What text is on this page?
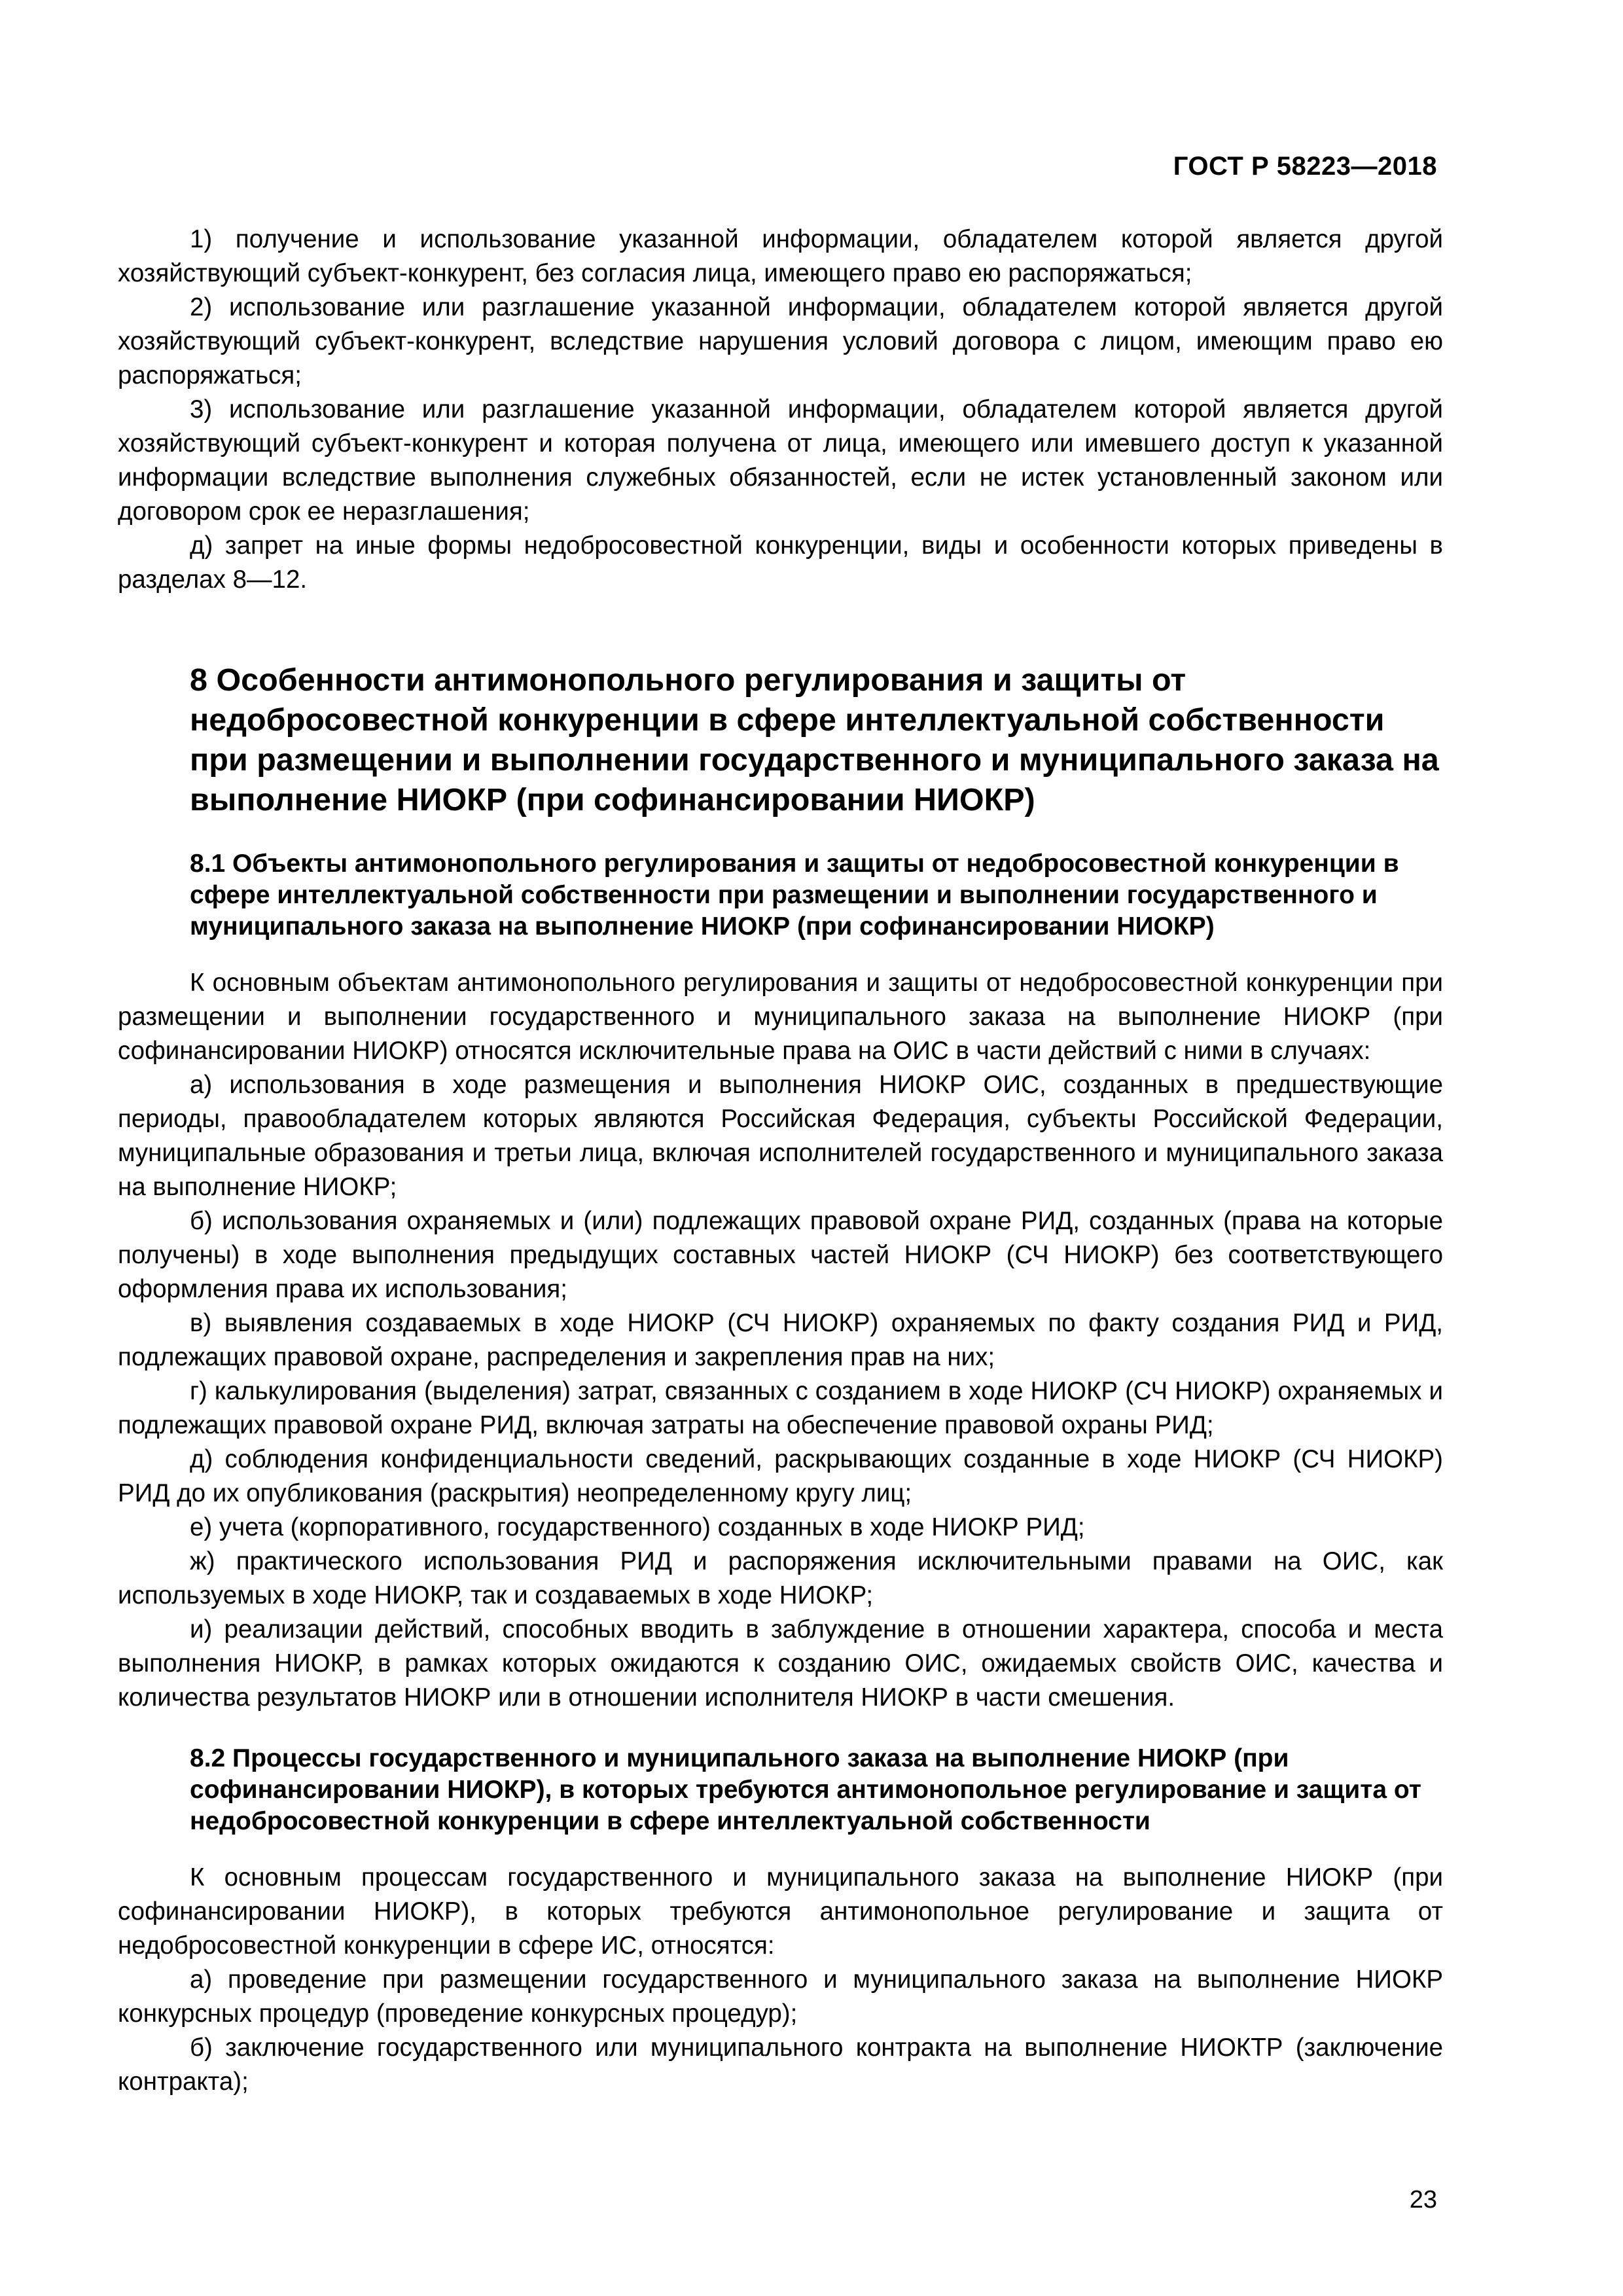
ГОСТ Р 58223—2018

1) получение и использование указанной информации, обладателем которой является другой хозяйствующий субъект-конкурент, без согласия лица, имеющего право ею распоряжаться;

2) использование или разглашение указанной информации, обладателем которой является другой хозяйствующий субъект-конкурент, вследствие нарушения условий договора с лицом, имеющим право ею распоряжаться;

3) использование или разглашение указанной информации, обладателем которой является другой хозяйствующий субъект-конкурент и которая получена от лица, имеющего или имевшего доступ к указанной информации вследствие выполнения служебных обязанностей, если не истек установленный законом или договором срок ее неразглашения;

д) запрет на иные формы недобросовестной конкуренции, виды и особенности которых приведены в разделах 8—12.

8 Особенности антимонопольного регулирования и защиты от недобросовестной конкуренции в сфере интеллектуальной собственности при размещении и выполнении государственного и муниципального заказа на выполнение НИОКР (при софинансировании НИОКР)

8.1 Объекты антимонопольного регулирования и защиты от недобросовестной конкуренции в сфере интеллектуальной собственности при размещении и выполнении государственного и муниципального заказа на выполнение НИОКР (при софинансировании НИОКР)

К основным объектам антимонопольного регулирования и защиты от недобросовестной конкуренции при размещении и выполнении государственного и муниципального заказа на выполнение НИОКР (при софинансировании НИОКР) относятся исключительные права на ОИС в части действий с ними в случаях:

а) использования в ходе размещения и выполнения НИОКР ОИС, созданных в предшествующие периоды, правообладателем которых являются Российская Федерация, субъекты Российской Федерации, муниципальные образования и третьи лица, включая исполнителей государственного и муниципального заказа на выполнение НИОКР;

б) использования охраняемых и (или) подлежащих правовой охране РИД, созданных (права на которые получены) в ходе выполнения предыдущих составных частей НИОКР (СЧ НИОКР) без соответствующего оформления права их использования;

в) выявления создаваемых в ходе НИОКР (СЧ НИОКР) охраняемых по факту создания РИД и РИД, подлежащих правовой охране, распределения и закрепления прав на них;

г) калькулирования (выделения) затрат, связанных с созданием в ходе НИОКР (СЧ НИОКР) охраняемых и подлежащих правовой охране РИД, включая затраты на обеспечение правовой охраны РИД;

д) соблюдения конфиденциальности сведений, раскрывающих созданные в ходе НИОКР (СЧ НИОКР) РИД до их опубликования (раскрытия) неопределенному кругу лиц;

е) учета (корпоративного, государственного) созданных в ходе НИОКР РИД;

ж) практического использования РИД и распоряжения исключительными правами на ОИС, как используемых в ходе НИОКР, так и создаваемых в ходе НИОКР;

и) реализации действий, способных вводить в заблуждение в отношении характера, способа и места выполнения НИОКР, в рамках которых ожидаются к созданию ОИС, ожидаемых свойств ОИС, качества и количества результатов НИОКР или в отношении исполнителя НИОКР в части смешения.

8.2 Процессы государственного и муниципального заказа на выполнение НИОКР (при софинансировании НИОКР), в которых требуются антимонопольное регулирование и защита от недобросовестной конкуренции в сфере интеллектуальной собственности

К основным процессам государственного и муниципального заказа на выполнение НИОКР (при софинансировании НИОКР), в которых требуются антимонопольное регулирование и защита от недобросовестной конкуренции в сфере ИС, относятся:

а) проведение при размещении государственного и муниципального заказа на выполнение НИОКР конкурсных процедур (проведение конкурсных процедур);

б) заключение государственного или муниципального контракта на выполнение НИОКТР (заключение контракта);

23
